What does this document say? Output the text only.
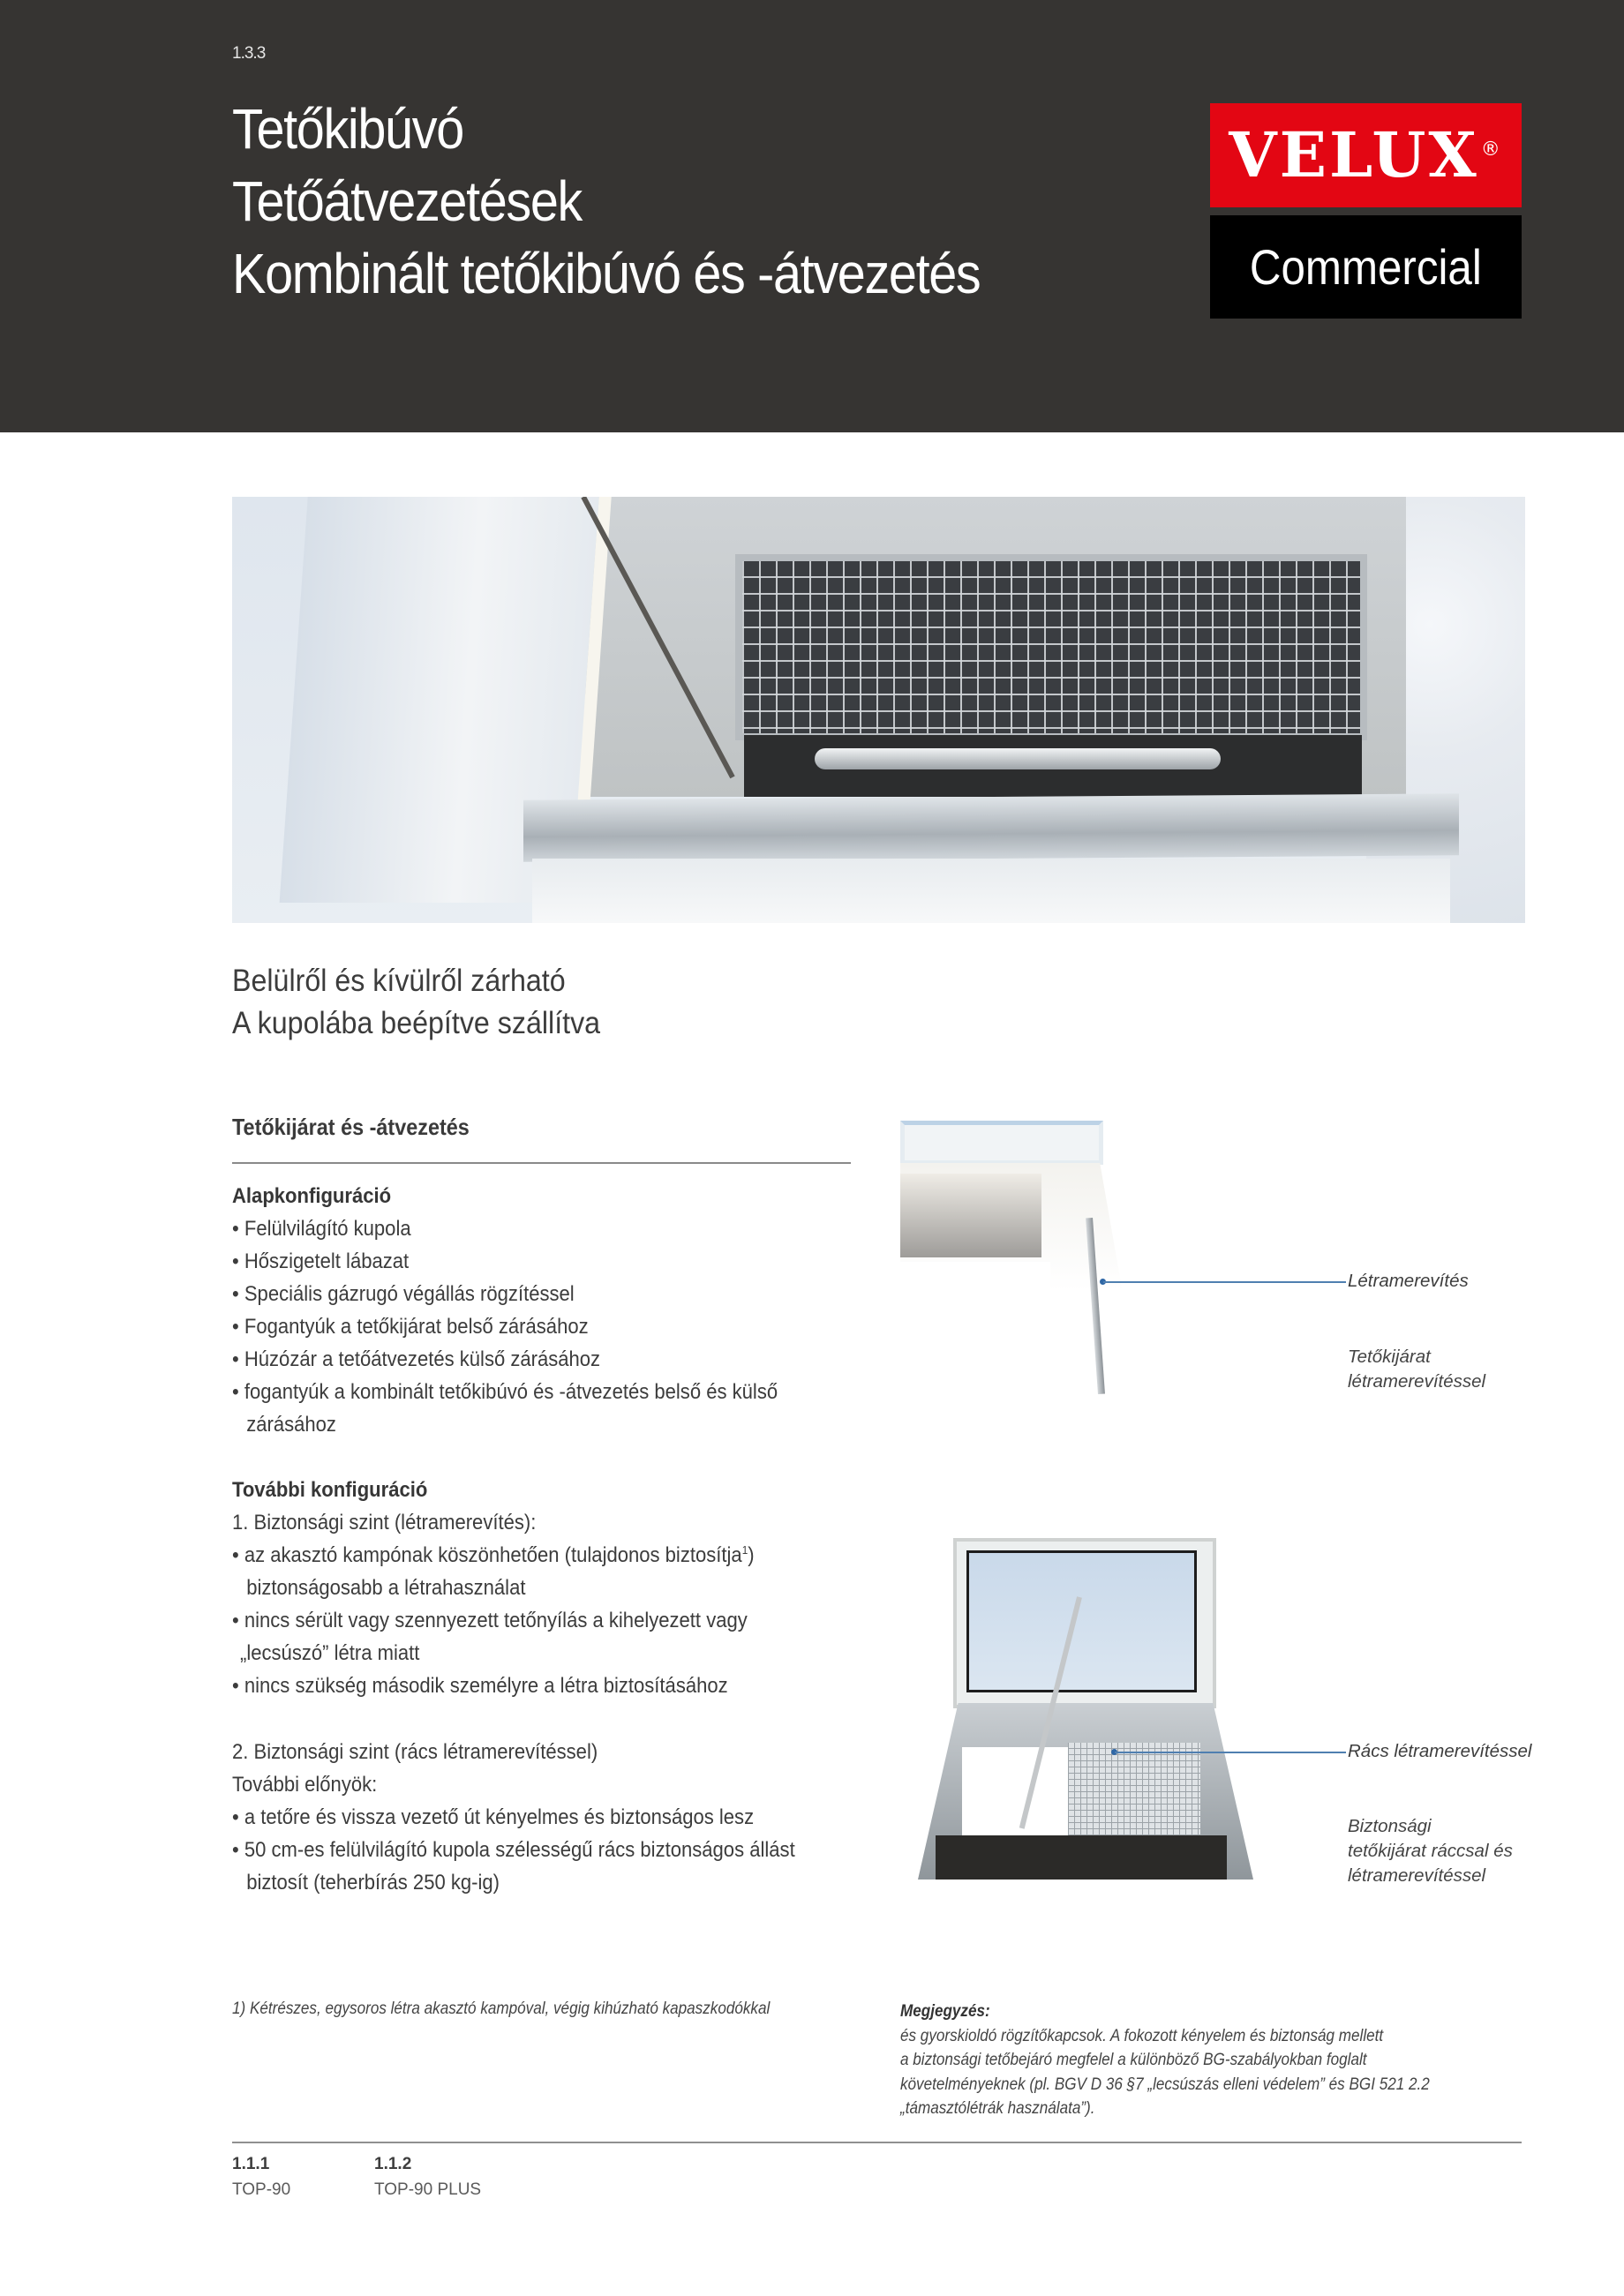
1.3.3
Tetőkibúvó
Tetőátvezetések
Kombinált tetőkibúvó és -átvezetés
VELUX®
Commercial
Belülről és kívülről zárható
A kupolába beépítve szállítva
Tetőkijárat és -átvezetés
Alapkonfiguráció
• Felülvilágító kupola
• Hőszigetelt lábazat
• Speciális gázrugó végállás rögzítéssel
• Fogantyúk a tetőkijárat belső zárásához
• Húzózár a tetőátvezetés külső zárásához
• fogantyúk a kombinált tetőkibúvó és -átvezetés belső és külső
zárásához
További konfiguráció
1. Biztonsági szint (létramerevítés):
• az akasztó kampónak köszönhetően (tulajdonos biztosítja$^1$)
biztonságosabb a létrahasználat
• nincs sérült vagy szennyezett tetőnyílás a kihelyezett vagy
„lecsúszó” létra miatt
• nincs szükség második személyre a létra biztosításához
2. Biztonsági szint (rács létramerevítéssel)
További előnyök:
• a tetőre és vissza vezető út kényelmes és biztonságos lesz
• 50 cm-es felülvilágító kupola szélességű rács biztonságos állást
biztosít (teherbírás 250 kg-ig)
Létramerevítés
Tetőkijárat
létramerevítéssel
Rács létramerevítéssel
Biztonsági
tetőkijárat ráccsal és
létramerevítéssel
1) Kétrészes, egysoros létra akasztó kampóval, végig kihúzható kapaszkodókkal	Megjegyzés:
és gyorskioldó rögzítőkapcsok. A fokozott kényelem és biztonság mellett
a biztonsági tetőbejáró megfelel a különböző BG-szabályokban foglalt
követelményeknek (pl. BGV D 36 §7 „lecsúszás elleni védelem” és BGI 521 2.2
„támasztólétrák használata”).
1.1.1
TOP-90
1.1.2
TOP-90 PLUS
